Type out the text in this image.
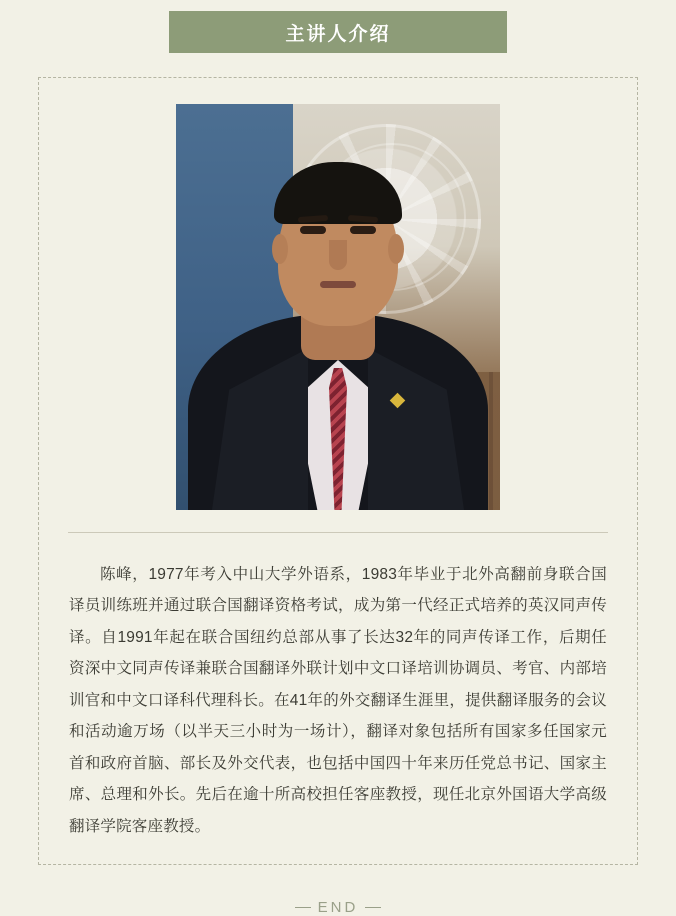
主讲人介绍

陈峰，1977年考入中山大学外语系，1983年毕业于北外高翻前身联合国译员训练班并通过联合国翻译资格考试，成为第一代经正式培养的英汉同声传译。自1991年起在联合国纽约总部从事了长达32年的同声传译工作，后期任资深中文同声传译兼联合国翻译外联计划中文口译培训协调员、考官、内部培训官和中文口译科代理科长。在41年的外交翻译生涯里，提供翻译服务的会议和活动逾万场（以半天三小时为一场计），翻译对象包括所有国家多任国家元首和政府首脑、部长及外交代表，也包括中国四十年来历任党总书记、国家主席、总理和外长。先后在逾十所高校担任客座教授，现任北京外国语大学高级翻译学院客座教授。

END
